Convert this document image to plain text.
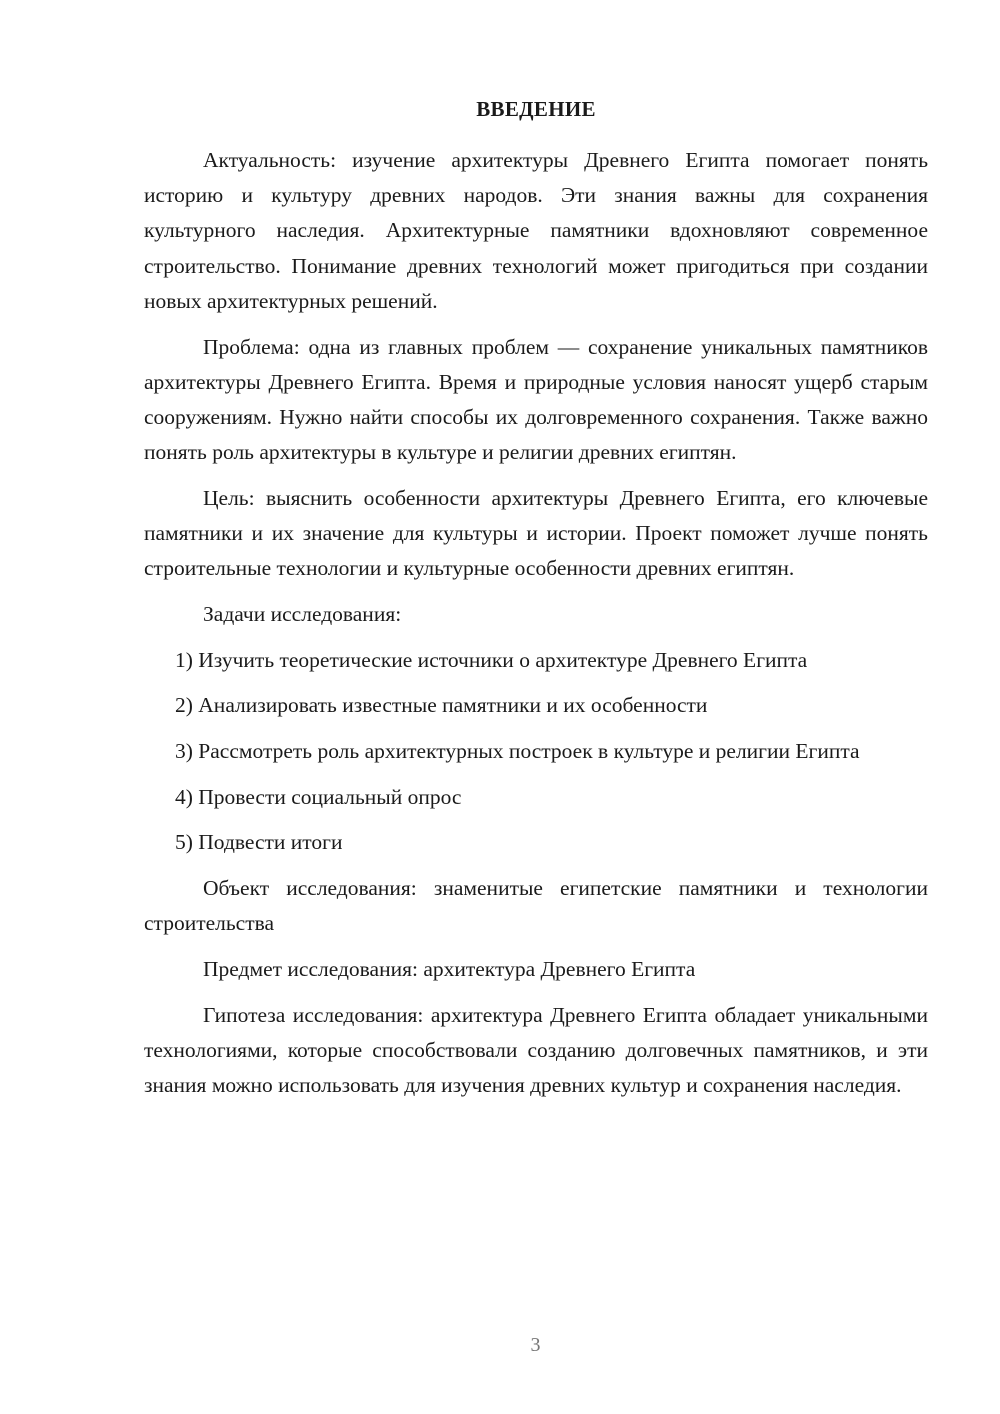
ВВЕДЕНИЕ

Актуальность: изучение архитектуры Древнего Египта помогает понять историю и культуру древних народов. Эти знания важны для сохранения культурного наследия. Архитектурные памятники вдохновляют современное строительство. Понимание древних технологий может пригодиться при создании новых архитектурных решений.

Проблема: одна из главных проблем — сохранение уникальных памятников архитектуры Древнего Египта. Время и природные условия наносят ущерб старым сооружениям. Нужно найти способы их долговременного сохранения. Также важно понять роль архитектуры в культуре и религии древних египтян.

Цель: выяснить особенности архитектуры Древнего Египта, его ключевые памятники и их значение для культуры и истории. Проект поможет лучше понять строительные технологии и культурные особенности древних египтян.

Задачи исследования:

1) Изучить теоретические источники о архитектуре Древнего Египта

2) Анализировать известные памятники и их особенности

3) Рассмотреть роль архитектурных построек в культуре и религии Египта

4) Провести социальный опрос

5) Подвести итоги

Объект исследования: знаменитые египетские памятники и технологии строительства

Предмет исследования: архитектура Древнего Египта

Гипотеза исследования: архитектура Древнего Египта обладает уникальными технологиями, которые способствовали созданию долговечных памятников, и эти знания можно использовать для изучения древних культур и сохранения наследия.

3
